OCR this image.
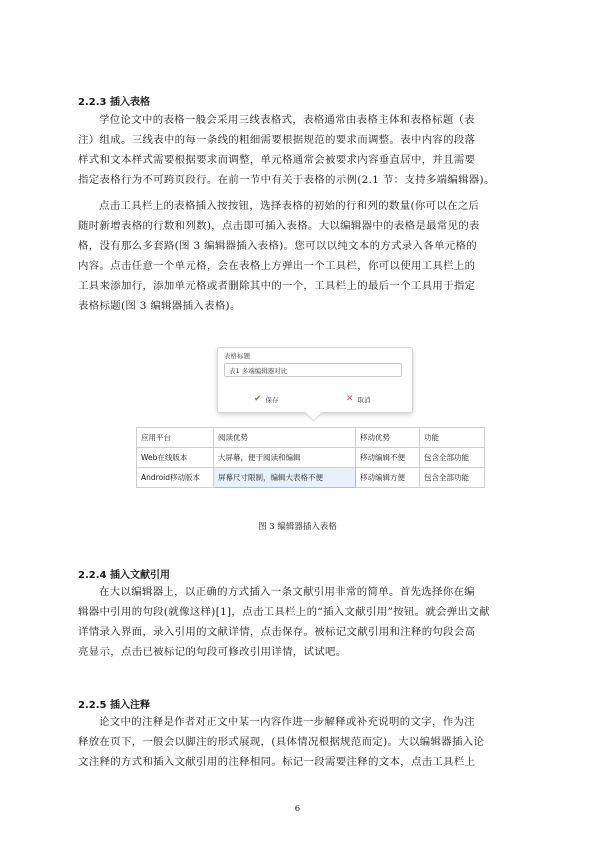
2.2.3 插入表格
学位论文中的表格一般会采用三线表格式，表格通常由表格主体和表格标题（表
注）组成。三线表中的每一条线的粗细需要根据规范的要求而调整。表中内容的段落
样式和文本样式需要根据要求而调整，单元格通常会被要求内容垂直居中，并且需要
指定表格行为不可跨页段行。在前一节中有关于表格的示例(2.1 节：支持多端编辑器)。
点击工具栏上的表格插入按按钮，选择表格的初始的行和列的数量(你可以在之后
随时新增表格的行数和列数)，点击即可插入表格。大以编辑器中的表格是最常见的表
格，没有那么多套路(图 3 编辑器插入表格)。您可以以纯文本的方式录入各单元格的
内容。点击任意一个单元格，会在表格上方弹出一个工具栏，你可以使用工具栏上的
工具来添加行，添加单元格或者删除其中的一个，工具栏上的最后一个工具用于指定
表格标题(图 3 编辑器插入表格)。
表格标题
表1 多端编辑器对比
✔ 保存	✕ 取消
应用平台	阅读优势	移动优势	功能
Web在线版本	大屏幕，便于阅读和编辑	移动编辑不便	包含全部功能
Android移动版本	屏幕尺寸限制，编辑大表格不便	移动编辑方便	包含全部功能
图 3 编辑器插入表格
2.2.4 插入文献引用
在大以编辑器上，以正确的方式插入一条文献引用非常的简单。首先选择你在编
辑器中引用的句段(就像这样)[1]，点击工具栏上的“插入文献引用”按钮。就会弹出文献
详情录入界面，录入引用的文献详情，点击保存。被标记文献引用和注释的句段会高
亮显示，点击已被标记的句段可修改引用详情，试试吧。
2.2.5 插入注释
论文中的注释是作者对正文中某一内容作进一步解释或补充说明的文字，作为注
释放在页下，一般会以脚注的形式展现，(具体情况根据规范而定)。大以编辑器插入论
文注释的方式和插入文献引用的注释相同。标记一段需要注释的文本，点击工具栏上
6
